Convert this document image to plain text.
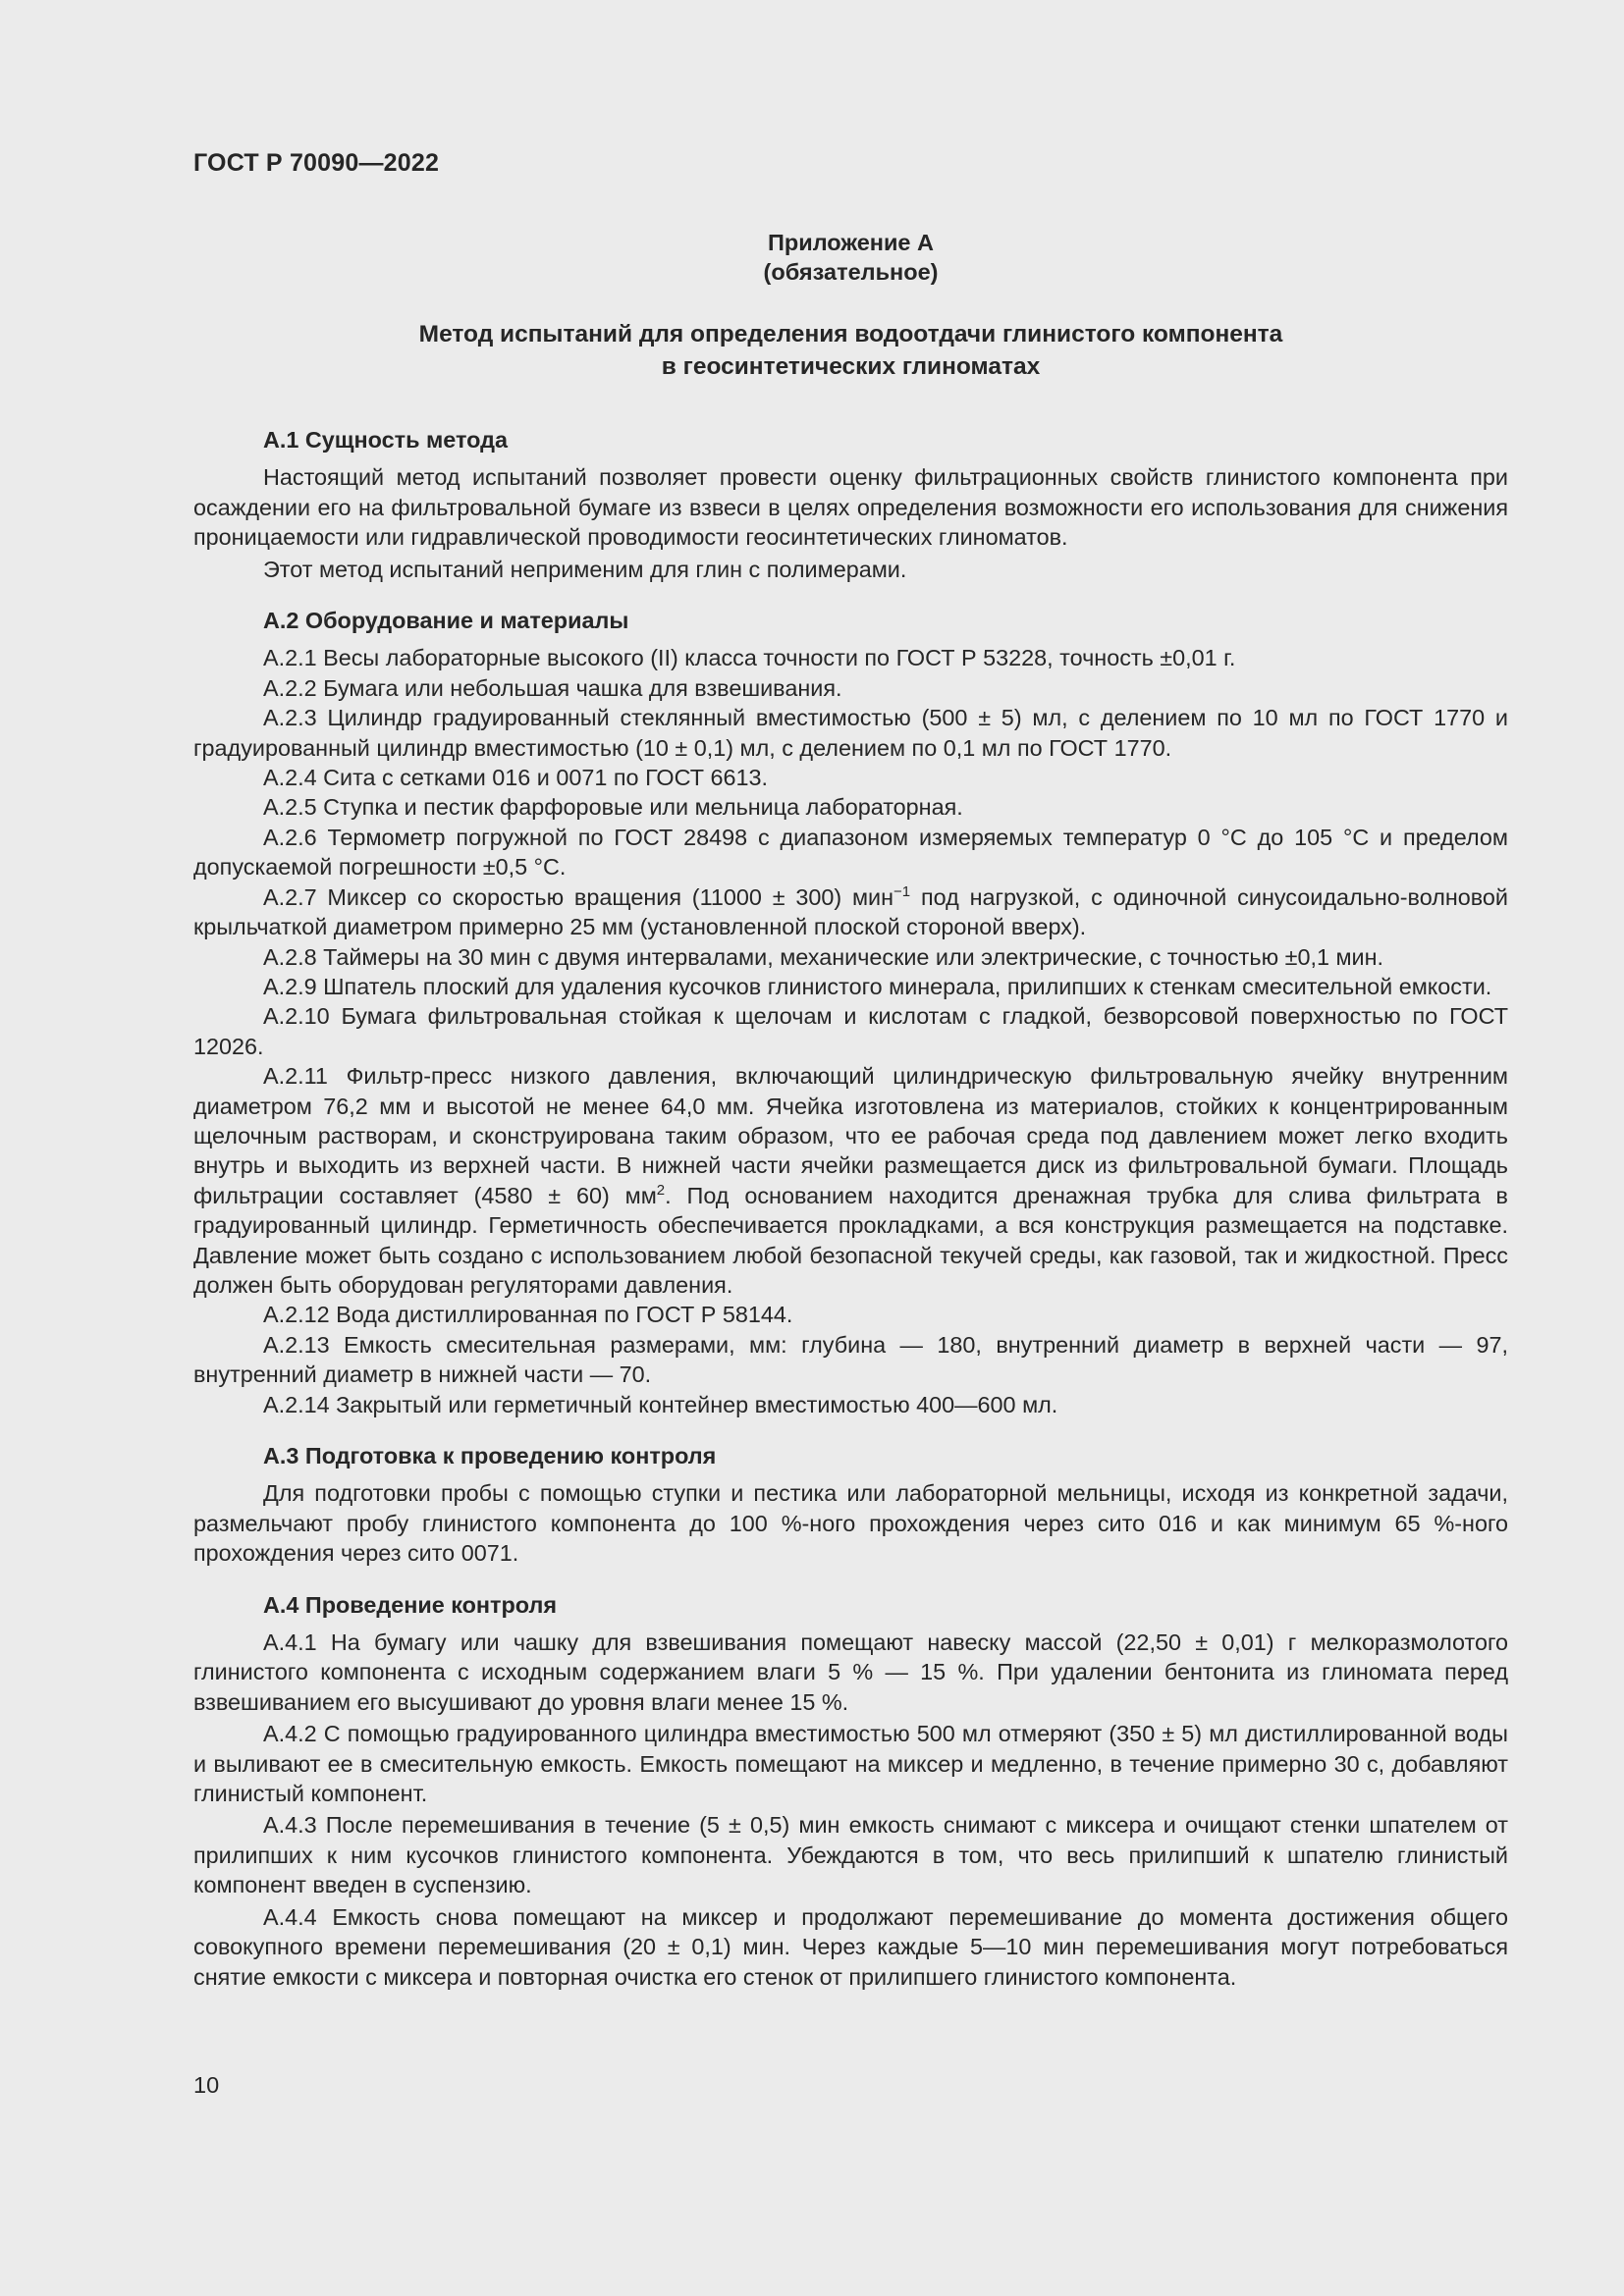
ГОСТ Р 70090—2022
Приложение А
(обязательное)
Метод испытаний для определения водоотдачи глинистого компонента
в геосинтетических глиноматах
А.1 Сущность метода

Настоящий метод испытаний позволяет провести оценку фильтрационных свойств глинистого компонента при осаждении его на фильтровальной бумаге из взвеси в целях определения возможности его использования для снижения проницаемости или гидравлической проводимости геосинтетических глиноматов.

Этот метод испытаний неприменим для глин с полимерами.

А.2 Оборудование и материалы

А.2.1 Весы лабораторные высокого (II) класса точности по ГОСТ Р 53228, точность ±0,01 г.

А.2.2 Бумага или небольшая чашка для взвешивания.

А.2.3 Цилиндр градуированный стеклянный вместимостью (500 ± 5) мл, с делением по 10 мл по ГОСТ 1770 и градуированный цилиндр вместимостью (10 ± 0,1) мл, с делением по 0,1 мл по ГОСТ 1770.

А.2.4 Сита с сетками 016 и 0071 по ГОСТ 6613.

А.2.5 Ступка и пестик фарфоровые или мельница лабораторная.

А.2.6 Термометр погружной по ГОСТ 28498 с диапазоном измеряемых температур 0 °С до 105 °С и пределом допускаемой погрешности ±0,5 °С.

А.2.7 Миксер со скоростью вращения (11000 ± 300) мин$^{-1}$ под нагрузкой, с одиночной синусоидально-волновой крыльчаткой диаметром примерно 25 мм (установленной плоской стороной вверх).

А.2.8 Таймеры на 30 мин с двумя интервалами, механические или электрические, с точностью ±0,1 мин.

А.2.9 Шпатель плоский для удаления кусочков глинистого минерала, прилипших к стенкам смесительной емкости.

А.2.10 Бумага фильтровальная стойкая к щелочам и кислотам с гладкой, безворсовой поверхностью по ГОСТ 12026.

А.2.11 Фильтр-пресс низкого давления, включающий цилиндрическую фильтровальную ячейку внутренним диаметром 76,2 мм и высотой не менее 64,0 мм. Ячейка изготовлена из материалов, стойких к концентрированным щелочным растворам, и сконструирована таким образом, что ее рабочая среда под давлением может легко входить внутрь и выходить из верхней части. В нижней части ячейки размещается диск из фильтровальной бумаги. Площадь фильтрации составляет (4580 ± 60) $мм^2$. Под основанием находится дренажная трубка для слива фильтрата в градуированный цилиндр. Герметичность обеспечивается прокладками, а вся конструкция размещается на подставке. Давление может быть создано с использованием любой безопасной текучей среды, как газовой, так и жидкостной. Пресс должен быть оборудован регуляторами давления.

А.2.12 Вода дистиллированная по ГОСТ Р 58144.

А.2.13 Емкость смесительная размерами, мм: глубина — 180, внутренний диаметр в верхней части — 97, внутренний диаметр в нижней части — 70.

А.2.14 Закрытый или герметичный контейнер вместимостью 400—600 мл.

А.3 Подготовка к проведению контроля

Для подготовки пробы с помощью ступки и пестика или лабораторной мельницы, исходя из конкретной задачи, размельчают пробу глинистого компонента до 100 %-ного прохождения через сито 016 и как минимум 65 %-ного прохождения через сито 0071.

А.4 Проведение контроля

А.4.1 На бумагу или чашку для взвешивания помещают навеску массой (22,50 ± 0,01) г мелкоразмолотого глинистого компонента с исходным содержанием влаги 5 % — 15 %. При удалении бентонита из глиномата перед взвешиванием его высушивают до уровня влаги менее 15 %.

А.4.2 С помощью градуированного цилиндра вместимостью 500 мл отмеряют (350 ± 5) мл дистиллированной воды и выливают ее в смесительную емкость. Емкость помещают на миксер и медленно, в течение примерно 30 с, добавляют глинистый компонент.

А.4.3 После перемешивания в течение (5 ± 0,5) мин емкость снимают с миксера и очищают стенки шпателем от прилипших к ним кусочков глинистого компонента. Убеждаются в том, что весь прилипший к шпателю глинистый компонент введен в суспензию.

А.4.4 Емкость снова помещают на миксер и продолжают перемешивание до момента достижения общего совокупного времени перемешивания (20 ± 0,1) мин. Через каждые 5—10 мин перемешивания могут потребоваться снятие емкости с миксера и повторная очистка его стенок от прилипшего глинистого компонента.

10
